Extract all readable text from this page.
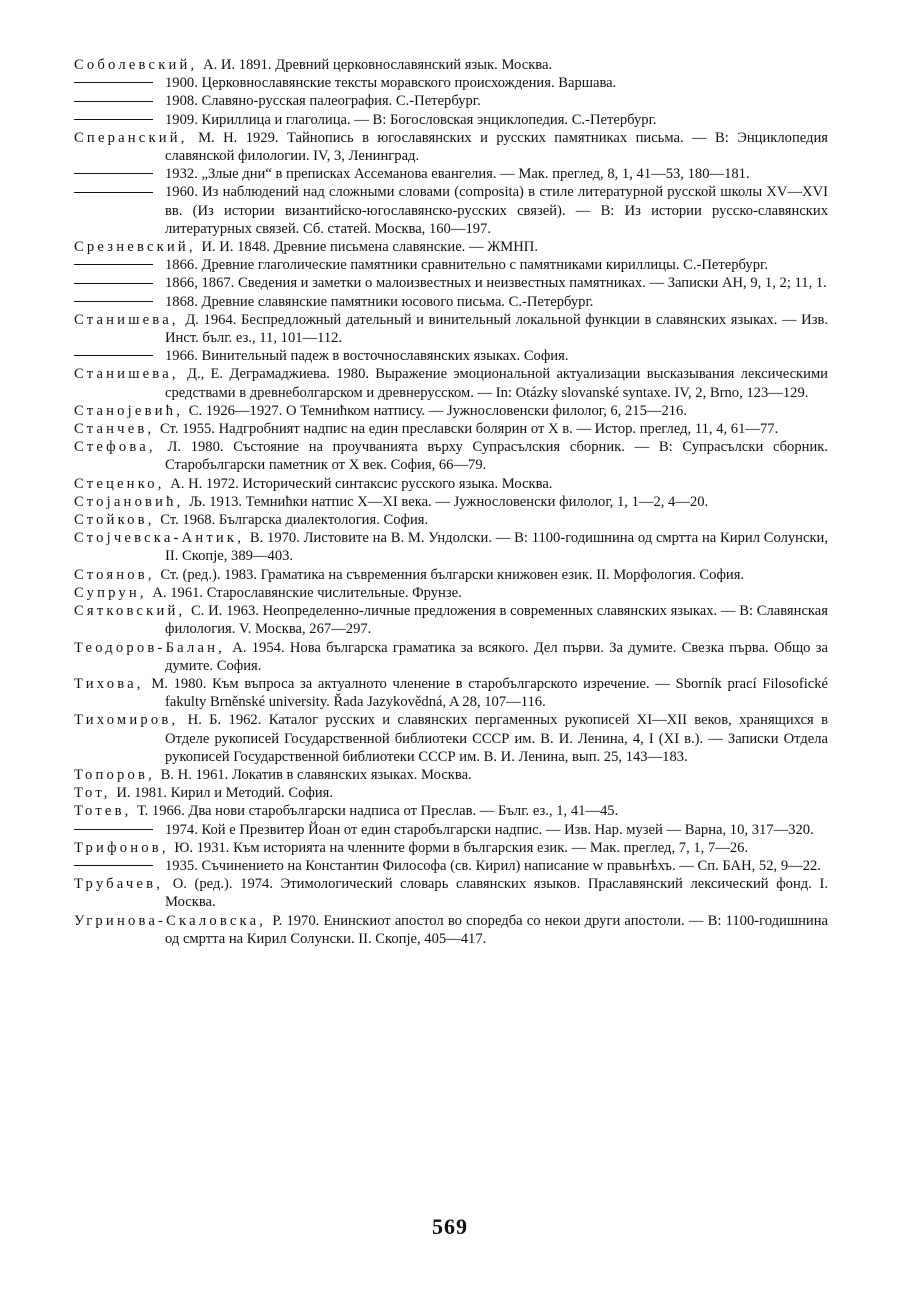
Соболевский, А. И. 1891. Древний церковнославянский язык. Москва.

1900. Церковнославянские тексты моравского происхождения. Варшава.

1908. Славяно-русская палеография. С.-Петербург.

1909. Кириллица и глаголица. — В: Богословская энциклопедия. С.-Петербург.

Сперанский, М. Н. 1929. Тайнопись в югославянских и русских памятниках письма. — В: Энциклопедия славянской филологии. IV, 3, Ленинград.

1932. „Злые дни“ в преписках Ассеманова евангелия. — Мак. преглед, 8, 1, 41—53, 180—181.

1960. Из наблюдений над сложными словами (composita) в стиле литературной русской школы XV—XVI вв. (Из истории византийско-югославянско-русских связей). — В: Из истории русско-славянских литературных связей. Сб. статей. Москва, 160—197.

Срезневский, И. И. 1848. Древние письмена славянские. — ЖМНП.

1866. Древние глаголические памятники сравнительно с памятниками кириллицы. С.-Петербург.

1866, 1867. Сведения и заметки о малоизвестных и неизвестных памятниках. — Записки АН, 9, 1, 2; 11, 1.

1868. Древние славянские памятники юсового письма. С.-Петербург.

Станишева, Д. 1964. Беспредложный дательный и винительный локальной функции в славянских языках. — Изв. Инст. бълг. ез., 11, 101—112.

1966. Винительный падеж в восточнославянских языках. София.

Станишева, Д., Е. Деграмаджиева. 1980. Выражение эмоциональной актуализации высказывания лексическими средствами в древнеболгарском и древнерусском. — In: Otázky slovanské syntaxe. IV, 2, Brno, 123—129.

Станојевић, С. 1926—1927. О Темнићком натпису. — Јужнословенски филолог, 6, 215—216.

Станчев, Ст. 1955. Надгробният надпис на един преславски болярин от X в. — Истор. преглед, 11, 4, 61—77.

Стефова, Л. 1980. Състояние на проучванията върху Супрасълския сборник. — В: Супрасълски сборник. Старобългарски паметник от X век. София, 66—79.

Стеценко, А. Н. 1972. Исторический синтаксис русского языка. Москва.

Стојановић, Љ. 1913. Темнићки натпис X—XI века. — Јужнословенски филолог, 1, 1—2, 4—20.

Стойков, Ст. 1968. Българска диалектология. София.

Стојчевска-Антик, В. 1970. Листовите на В. М. Ундолски. — В: 1100-годишнина од смртта на Кирил Солунски, II. Скопје, 389—403.

Стоянов, Ст. (ред.). 1983. Граматика на съвременния български книжовен език. II. Морфология. София.

Супрун, А. 1961. Старославянские числительные. Фрунзе.

Сятковский, С. И. 1963. Неопределенно-личные предложения в современных славянских языках. — В: Славянская филология. V. Москва, 267—297.

Теодоров-Балан, А. 1954. Нова българска граматика за всякого. Дел първи. За думите. Свезка първа. Общо за думите. София.

Тихова, М. 1980. Към въпроса за актуалното членение в старобългарското изречение. — Sborník prací Filosofické fakulty Brněnské university. Řada Jazykovědná, A 28, 107—116.

Тихомиров, Н. Б. 1962. Каталог русских и славянских пергаменных рукописей XI—XII веков, хранящихся в Отделе рукописей Государственной библиотеки СССР им. В. И. Ленина, 4, I (XI в.). — Записки Отдела рукописей Государственной библиотеки СССР им. В. И. Ленина, вып. 25, 143—183.

Топоров, В. Н. 1961. Локатив в славянских языках. Москва.

Тот, И. 1981. Кирил и Методий. София.

Тотев, Т. 1966. Два нови старобългарски надписа от Преслав. — Бълг. ез., 1, 41—45.

1974. Кой е Презвитер Йоан от един старобългарски надпис. — Изв. Нар. музей — Варна, 10, 317—320.

Трифонов, Ю. 1931. Към историята на членните форми в българския език. — Мак. преглед, 7, 1, 7—26.

1935. Съчинението на Константин Философа (св. Кирил) написание w правьнѣхъ. — Сп. БАН, 52, 9—22.

Трубачев, О. (ред.). 1974. Этимологический словарь славянских языков. Праславянский лексический фонд. I. Москва.

Угринова-Скаловска, Р. 1970. Енинскиот апостол во споредба со некои други апостоли. — В: 1100-годишнина од смртта на Кирил Солунски. II. Скопје, 405—417.

569
